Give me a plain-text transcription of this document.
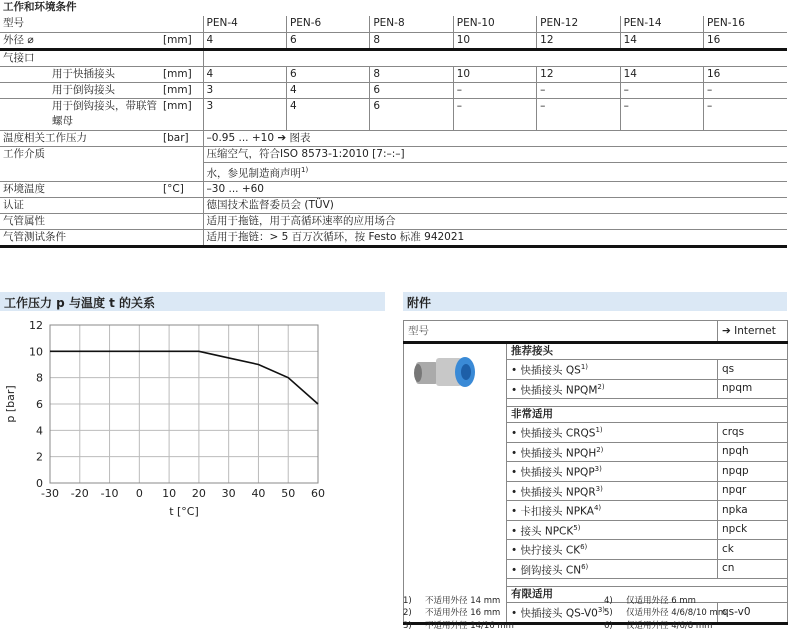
工作和环境条件								
型号		PEN-4	PEN-6	PEN-8	PEN-10	PEN-12	PEN-14	PEN-16
外径 ⌀	[mm]	4	6	8	10	12	14	16
气接口								
用于快插接头	[mm]	4	6	8	10	12	14	16
用于倒钩接头	[mm]	3	4	6	–	–	–	–
用于倒钩接头，带联管螺母	[mm]	3	4	6	–	–	–	–
温度相关工作压力	[bar]	–0.95 ... +10 ➔ 图表						
工作介质		压缩空气，符合ISO 8573-1:2010 [7:–:–]						
		水，参见制造商声明$^{1)}$
环境温度	[°C]	–30 ... +60						
认证		德国技术监督委员会 (TÜV)						
气管属性		适用于拖链，用于高循环速率的应用场合						
气管测试条件		适用于拖链：> 5 百万次循环，按 Festo 标准 942021						
工作压力 p 与温度 t 的关系
-30 -20 -10 0 10 20 30 40 50 60
0
2
4
6
8
10
12
t [°C]
p [bar]
附件
型号		➔ Internet
	推荐接头	
	• 快插接头 QS$^{1)}$	qs
	• 快插接头 NPQM$^{2)}$	npqm

	非常适用	
	• 快插接头 CRQS$^{1)}$	crqs
	• 快插接头 NPQH$^{2)}$	npqh
	• 快插接头 NPQP$^{3)}$	npqp
	• 快插接头 NPQR$^{3)}$	npqr
	• 卡扣接头 NPKA$^{4)}$	npka
	• 接头 NPCK$^{5)}$	npck
	• 快拧接头 CK$^{6)}$	ck
	• 倒钩接头 CN$^{6)}$	cn

	有限适用	
	• 快插接头 QS-V0$^{3)}$	qs-v0
1) 不适用外径 14 mm
2) 不适用外径 16 mm
3) 不适用外径 14/16 mm
4) 仅适用外径 6 mm
5) 仅适用外径 4/6/8/10 mm
6) 仅适用外径 4/6/8 mm
